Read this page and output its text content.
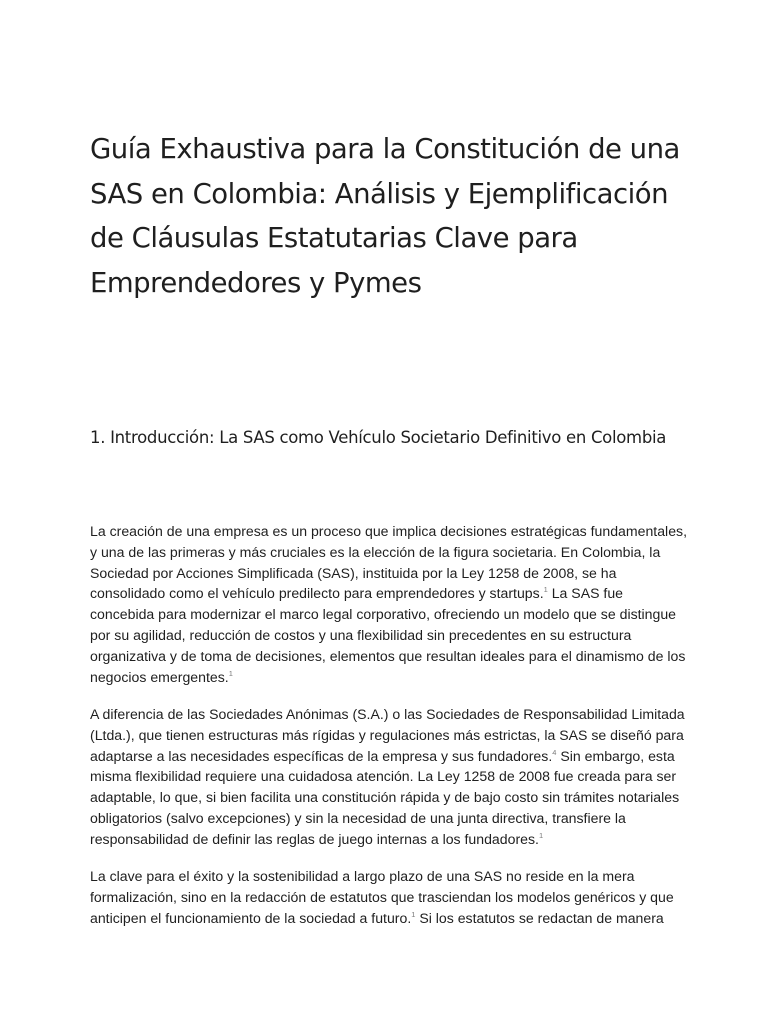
Guía Exhaustiva para la Constitución de una SAS en Colombia: Análisis y Ejemplificación de Cláusulas Estatutarias Clave para Emprendedores y Pymes
1. Introducción: La SAS como Vehículo Societario Definitivo en Colombia

La creación de una empresa es un proceso que implica decisiones estratégicas fundamentales, y una de las primeras y más cruciales es la elección de la figura societaria. En Colombia, la Sociedad por Acciones Simplificada (SAS), instituida por la Ley 1258 de 2008, se ha consolidado como el vehículo predilecto para emprendedores y startups.$^1$ La SAS fue concebida para modernizar el marco legal corporativo, ofreciendo un modelo que se distingue por su agilidad, reducción de costos y una flexibilidad sin precedentes en su estructura organizativa y de toma de decisiones, elementos que resultan ideales para el dinamismo de los negocios emergentes.$^1$

A diferencia de las Sociedades Anónimas (S.A.) o las Sociedades de Responsabilidad Limitada (Ltda.), que tienen estructuras más rígidas y regulaciones más estrictas, la SAS se diseñó para adaptarse a las necesidades específicas de la empresa y sus fundadores.$^4$ Sin embargo, esta misma flexibilidad requiere una cuidadosa atención. La Ley 1258 de 2008 fue creada para ser adaptable, lo que, si bien facilita una constitución rápida y de bajo costo sin trámites notariales obligatorios (salvo excepciones) y sin la necesidad de una junta directiva, transfiere la responsabilidad de definir las reglas de juego internas a los fundadores.$^1$

La clave para el éxito y la sostenibilidad a largo plazo de una SAS no reside en la mera formalización, sino en la redacción de estatutos que trasciendan los modelos genéricos y que anticipen el funcionamiento de la sociedad a futuro.$^1$ Si los estatutos se redactan de manera
